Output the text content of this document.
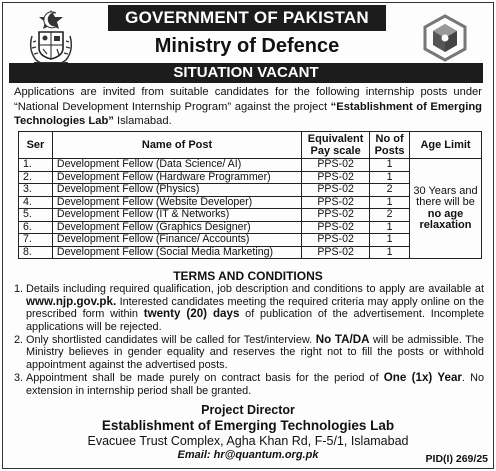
GOVERNMENT OF PAKISTAN
Ministry of Defence
SITUATION VACANT

Applications are invited from suitable candidates for the following internship posts under “National Development Internship Program” against the project “Establishment of Emerging Technologies Lab” Islamabad.

Ser	Name of Post	Equivalent Pay scale	No of Posts	Age Limit
1.	Development Fellow (Data Science/ AI)	PPS-02	1	30 Years and
there will be
no age
relaxation

2.	Development Fellow (Hardware Programmer)	PPS-02	1	
3.	Development Fellow (Physics)	PPS-02	2	
4.	Development Fellow (Website Developer)	PPS-02	1	
5.	Development Fellow (IT & Networks)	PPS-02	2	
6.	Development Fellow (Graphics Designer)	PPS-02	1	
7.	Development Fellow (Finance/ Accounts)	PPS-02	1	
8.	Development Fellow (Social Media Marketing)	PPS-02	1	
TERMS AND CONDITIONS
1. Details including required qualification, job description and conditions to apply are available at www.njp.gov.pk. Interested candidates meeting the required criteria may apply online on the prescribed form within twenty (20) days of publication of the advertisement. Incomplete applications will be rejected.
2. Only shortlisted candidates will be called for Test/interview. No TA/DA will be admissible. The Ministry believes in gender equality and reserves the right not to fill the posts or withhold appointment against the advertised posts.
3. Appointment shall be made purely on contract basis for the period of One (1x) Year. No extension in internship period shall be granted.
Project Director
Establishment of Emerging Technologies Lab
Evacuee Trust Complex, Agha Khan Rd, F-5/1, Islamabad
Email: hr@quantum.org.pk	PID(I) 269/25
